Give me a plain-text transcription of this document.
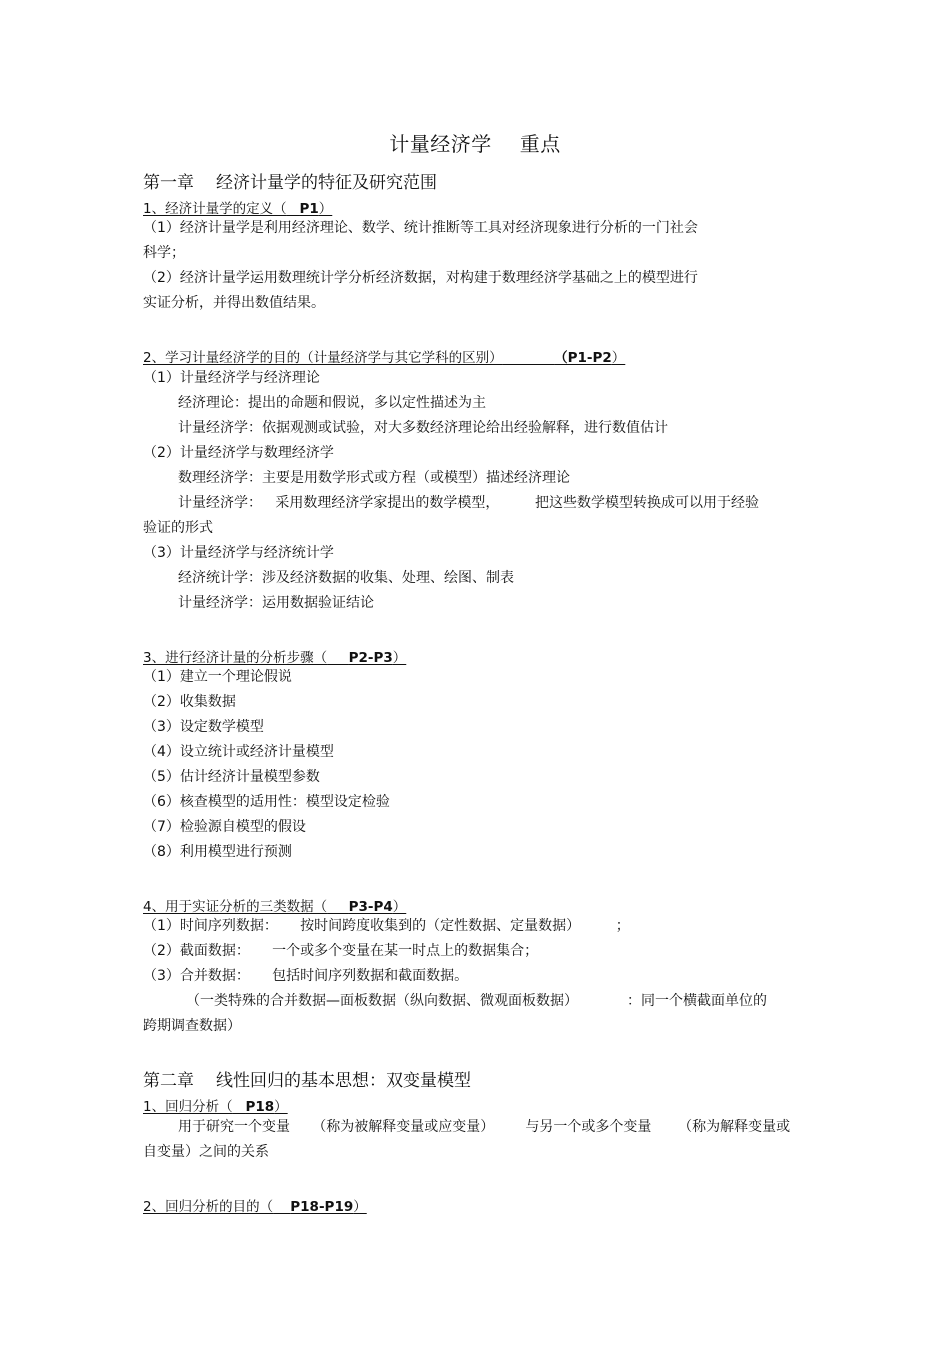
计量经济学 重点
第一章 经济计量学的特征及研究范围
1、经济计量学的定义（ P1）
（1）经济计量学是利用经济理论、数学、统计推断等工具对经济现象进行分析的一门社会
科学；
（2）经济计量学运用数理统计学分析经济数据，对构建于数理经济学基础之上的模型进行
实证分析，并得出数值结果。
2、学习计量经济学的目的（计量经济学与其它学科的区别）	（P1-P2）
（1）计量经济学与经济理论
经济理论：提出的命题和假说，多以定性描述为主
计量经济学：依据观测或试验，对大多数经济理论给出经验解释，进行数值估计
（2）计量经济学与数理经济学
数理经济学：主要是用数学形式或方程（或模型）描述经济理论
计量经济学：   采用数理经济学家提出的数学模型，        把这些数学模型转换成可以用于经验
验证的形式
（3）计量经济学与经济统计学
经济统计学：涉及经济数据的收集、处理、绘图、制表
计量经济学：运用数据验证结论
3、进行经济计量的分析步骤（ P2-P3）
（1）建立一个理论假说
（2）收集数据
（3）设定数学模型
（4）设立统计或经济计量模型
（5）估计经济计量模型参数
（6）核查模型的适用性：模型设定检验
（7）检验源自模型的假设
（8）利用模型进行预测
4、用于实证分析的三类数据（ P3-P4）
（1）时间序列数据：     按时间跨度收集到的（定性数据、定量数据）        ；
（2）截面数据：     一个或多个变量在某一时点上的数据集合；
（3）合并数据：     包括时间序列数据和截面数据。
（一类特殊的合并数据—面板数据（纵向数据、微观面板数据）           ：同一个横截面单位的
跨期调查数据）
第二章 线性回归的基本思想：双变量模型
1、回归分析（ P18）
用于研究一个变量     （称为被解释变量或应变量）       与另一个或多个变量      （称为解释变量或
自变量）之间的关系
2、回归分析的目的（ P18-P19）
